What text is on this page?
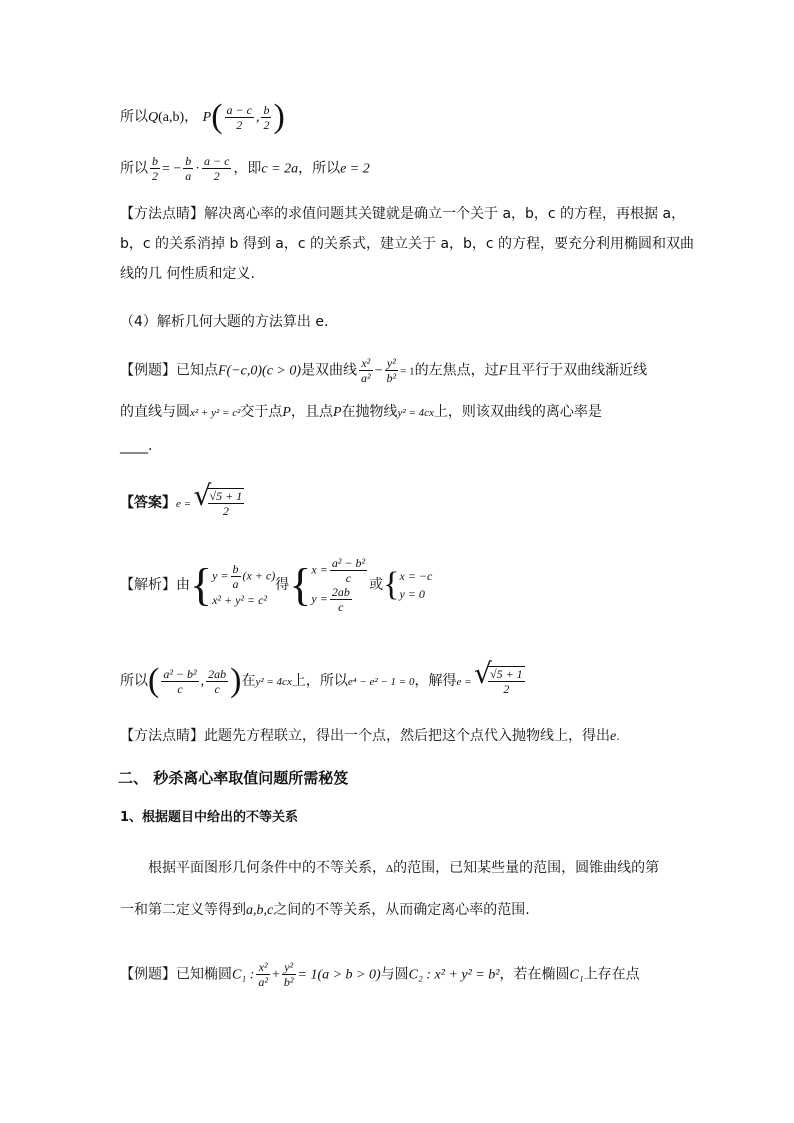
所以Q(a,b)， $P( \frac{a - c}{2}$ , $\frac{b}{2}$ )
所以 $\frac{b}{2}$ = − $\frac{b}{a} \cdot \frac{a - c}{2}$ ，即c = 2a，所以e = 2
【方法点睛】解决离心率的求值问题其关键就是确立一个关于 a，b，c 的方程，再根据 a，
b，c 的关系消掉 b 得到 a，c 的关系式，建立关于 a，b，c 的方程，要充分利用椭圆和双曲
线的几 何性质和定义.
（4）解析几何大题的方法算出 e.
【例题】已知点F(−c,0)(c > 0)是双曲线 $\frac{\text{x²}}{\text{a²}} - \frac{\text{y²}}{\text{b²}} = 1$的左焦点，过F且平行于双曲线渐近线
的直线与圆x² + y² = c²交于点P，且点P在抛物线y² = 4cx上，则该双曲线的离心率是
____.
【答案】e = √ $\frac{√5 + 1}{2}$
【解析】由{ $y = \frac{b}{a} (x + c)$
x² + y² = c²
得{ $x = \frac{\text{a² − b²}}{c}$
$y = \frac{2ab}{c}$ 或{ x = −c
y = 0
所以( $\frac{\text{a² − b²}}{c}$ , $\frac{2ab}{c}$ )在y² = 4cx上，所以e⁴ − e² − 1 = 0，解得e = √ $\frac{√5 + 1}{2}$
【方法点睛】此题先方程联立，得出一个点，然后把这个点代入抛物线上，得出e.
二、 秒杀离心率取值问题所需秘笈
1、根据题目中给出的不等关系
根据平面图形几何条件中的不等关系，Δ的范围，已知某些量的范围，圆锥曲线的第
一和第二定义等得到a,b,c之间的不等关系，从而确定离心率的范围.
【例题】已知椭圆C₁ : $\frac{\text{x²}}{\text{a²}} + \frac{\text{y²}}{\text{b²}} = 1(a > b > 0)$与圆C₂ : x² + y² = b²，若在椭圆C₁上存在点
